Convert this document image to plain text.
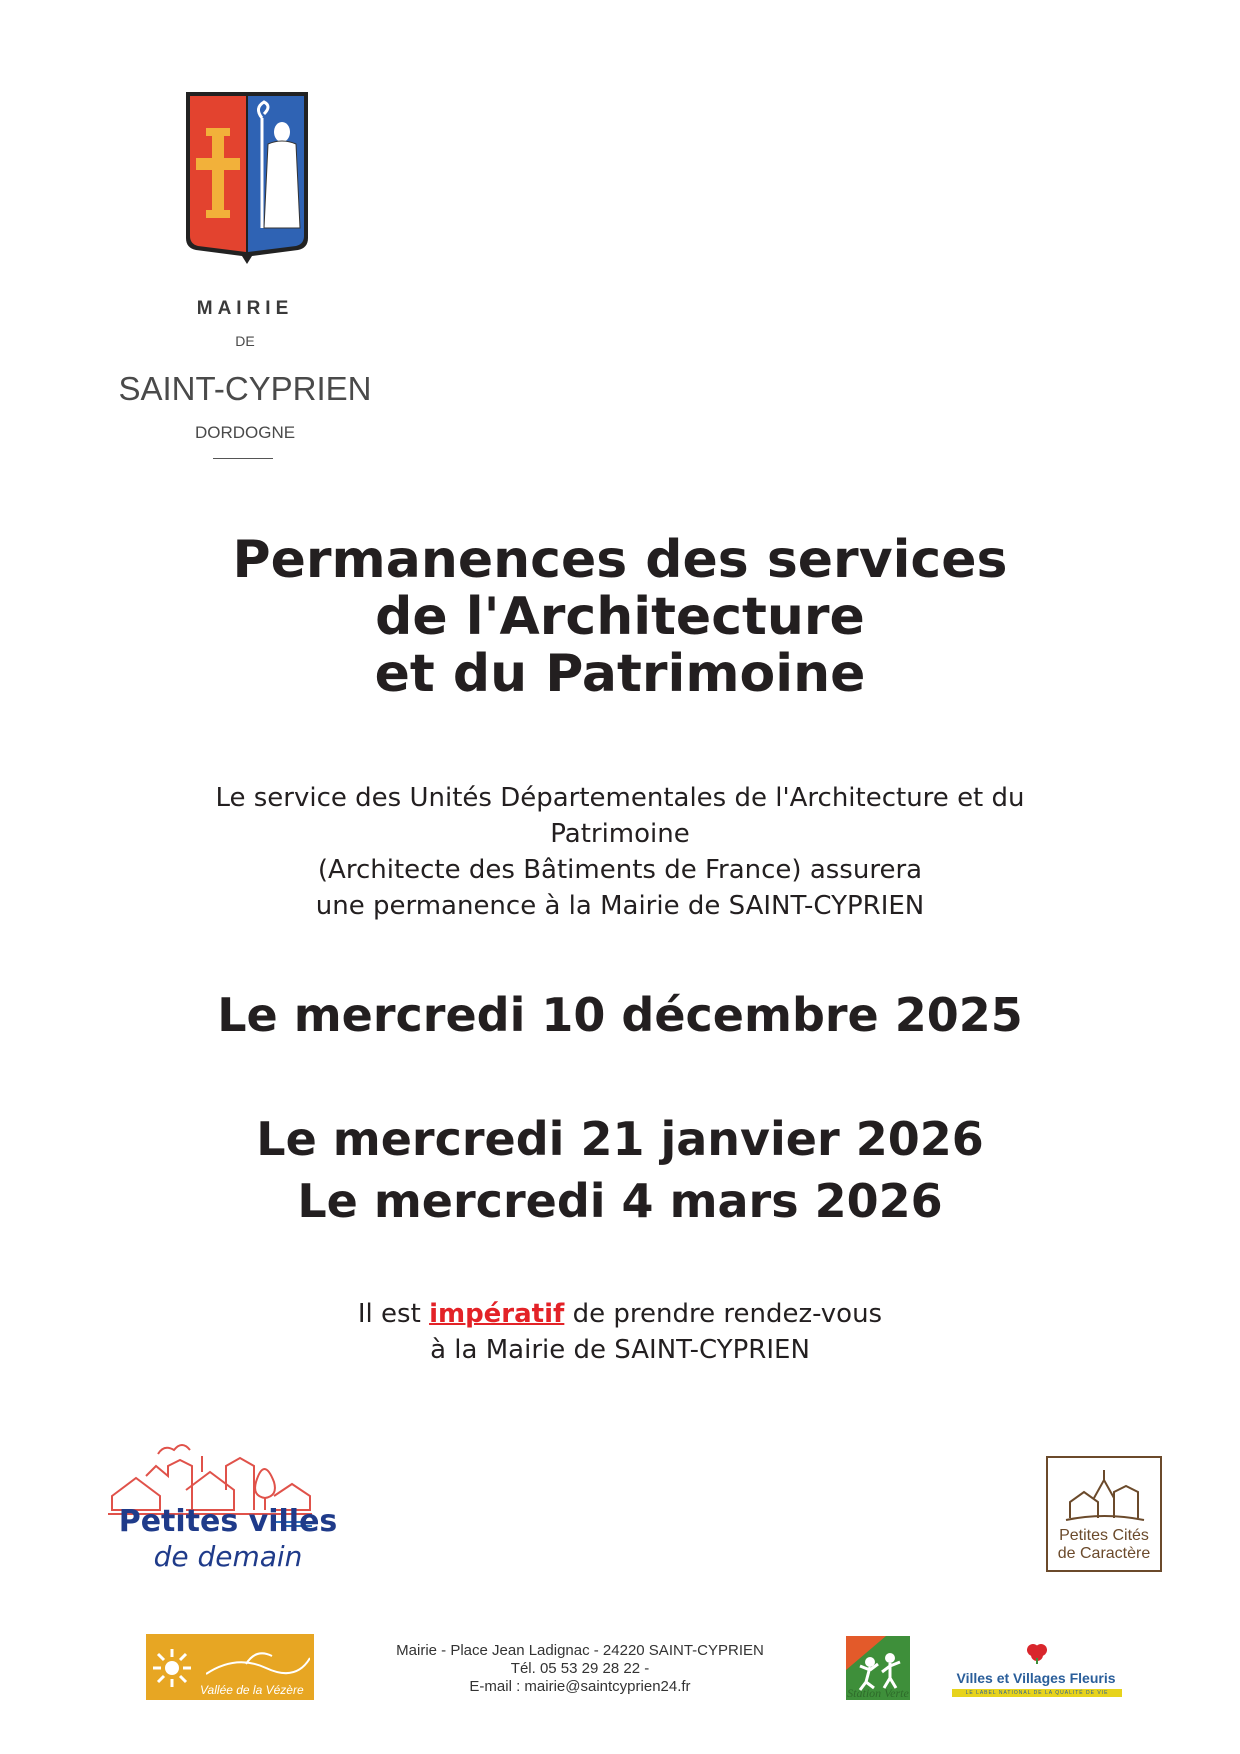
MAIRIE
DE
SAINT-CYPRIEN
DORDOGNE
Permanences des services
de l'Architecture
et du Patrimoine
Le service des Unités Départementales de l'Architecture et du
Patrimoine
(Architecte des Bâtiments de France) assurera
une permanence à la Mairie de SAINT-CYPRIEN
Le mercredi 10 décembre 2025
Le mercredi 21 janvier 2026
Le mercredi 4 mars 2026
Il est impératif de prendre rendez-vous
à la Mairie de SAINT-CYPRIEN
Petites villes
de demain
Petites Cités
de Caractère
Vallée de la Vézère
Mairie - Place Jean Ladignac - 24220 SAINT-CYPRIEN
Tél. 05 53 29 28 22 -
E-mail : mairie@saintcyprien24.fr	Station Verte
Villes et Villages Fleuris
LE LABEL NATIONAL DE LA QUALITÉ DE VIE
